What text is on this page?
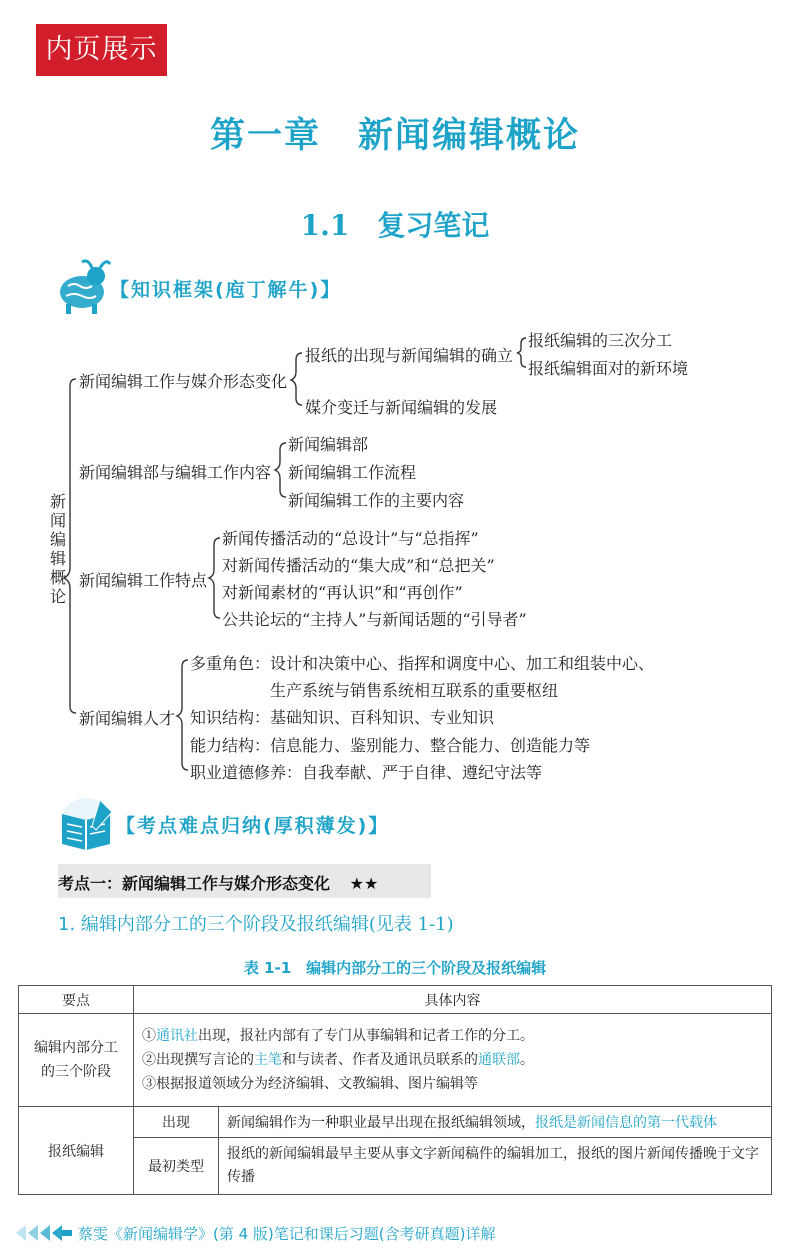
内页展示
第一章　新闻编辑概论
1.1　复习笔记
【知识框架(庖丁解牛)】
新闻编辑概论
新闻编辑工作与媒介形态变化
报纸的出现与新闻编辑的确立
报纸编辑的三次分工
报纸编辑面对的新环境
媒介变迁与新闻编辑的发展
新闻编辑部与编辑工作内容
新闻编辑部
新闻编辑工作流程
新闻编辑工作的主要内容
新闻编辑工作特点
新闻传播活动的“总设计”与“总指挥”
对新闻传播活动的“集大成”和“总把关”
对新闻素材的“再认识”和“再创作”
公共论坛的“主持人”与新闻话题的“引导者”
新闻编辑人才
多重角色：设计和决策中心、指挥和调度中心、加工和组装中心、
生产系统与销售系统相互联系的重要枢纽
知识结构：基础知识、百科知识、专业知识
能力结构：信息能力、鉴别能力、整合能力、创造能力等
职业道德修养：自我奉献、严于自律、遵纪守法等
【考点难点归纳(厚积薄发)】
考点一：新闻编辑工作与媒介形态变化 ★★
1. 编辑内部分工的三个阶段及报纸编辑(见表 1-1)
表 1-1　编辑内部分工的三个阶段及报纸编辑
要点	具体内容	
编辑内部分工的三个阶段	①通讯社出现，报社内部有了专门从事编辑和记者工作的分工。
②出现撰写言论的主笔和与读者、作者及通讯员联系的通联部。
③根据报道领域分为经济编辑、文教编辑、图片编辑等	

报纸编辑	出现	新闻编辑作为一种职业最早出现在报纸编辑领域，报纸是新闻信息的第一代载体
	最初类型	报纸的新闻编辑最早主要从事文字新闻稿件的编辑加工，报纸的图片新闻传播晚于文字传播
蔡雯《新闻编辑学》(第 4 版)笔记和课后习题(含考研真题)详解
